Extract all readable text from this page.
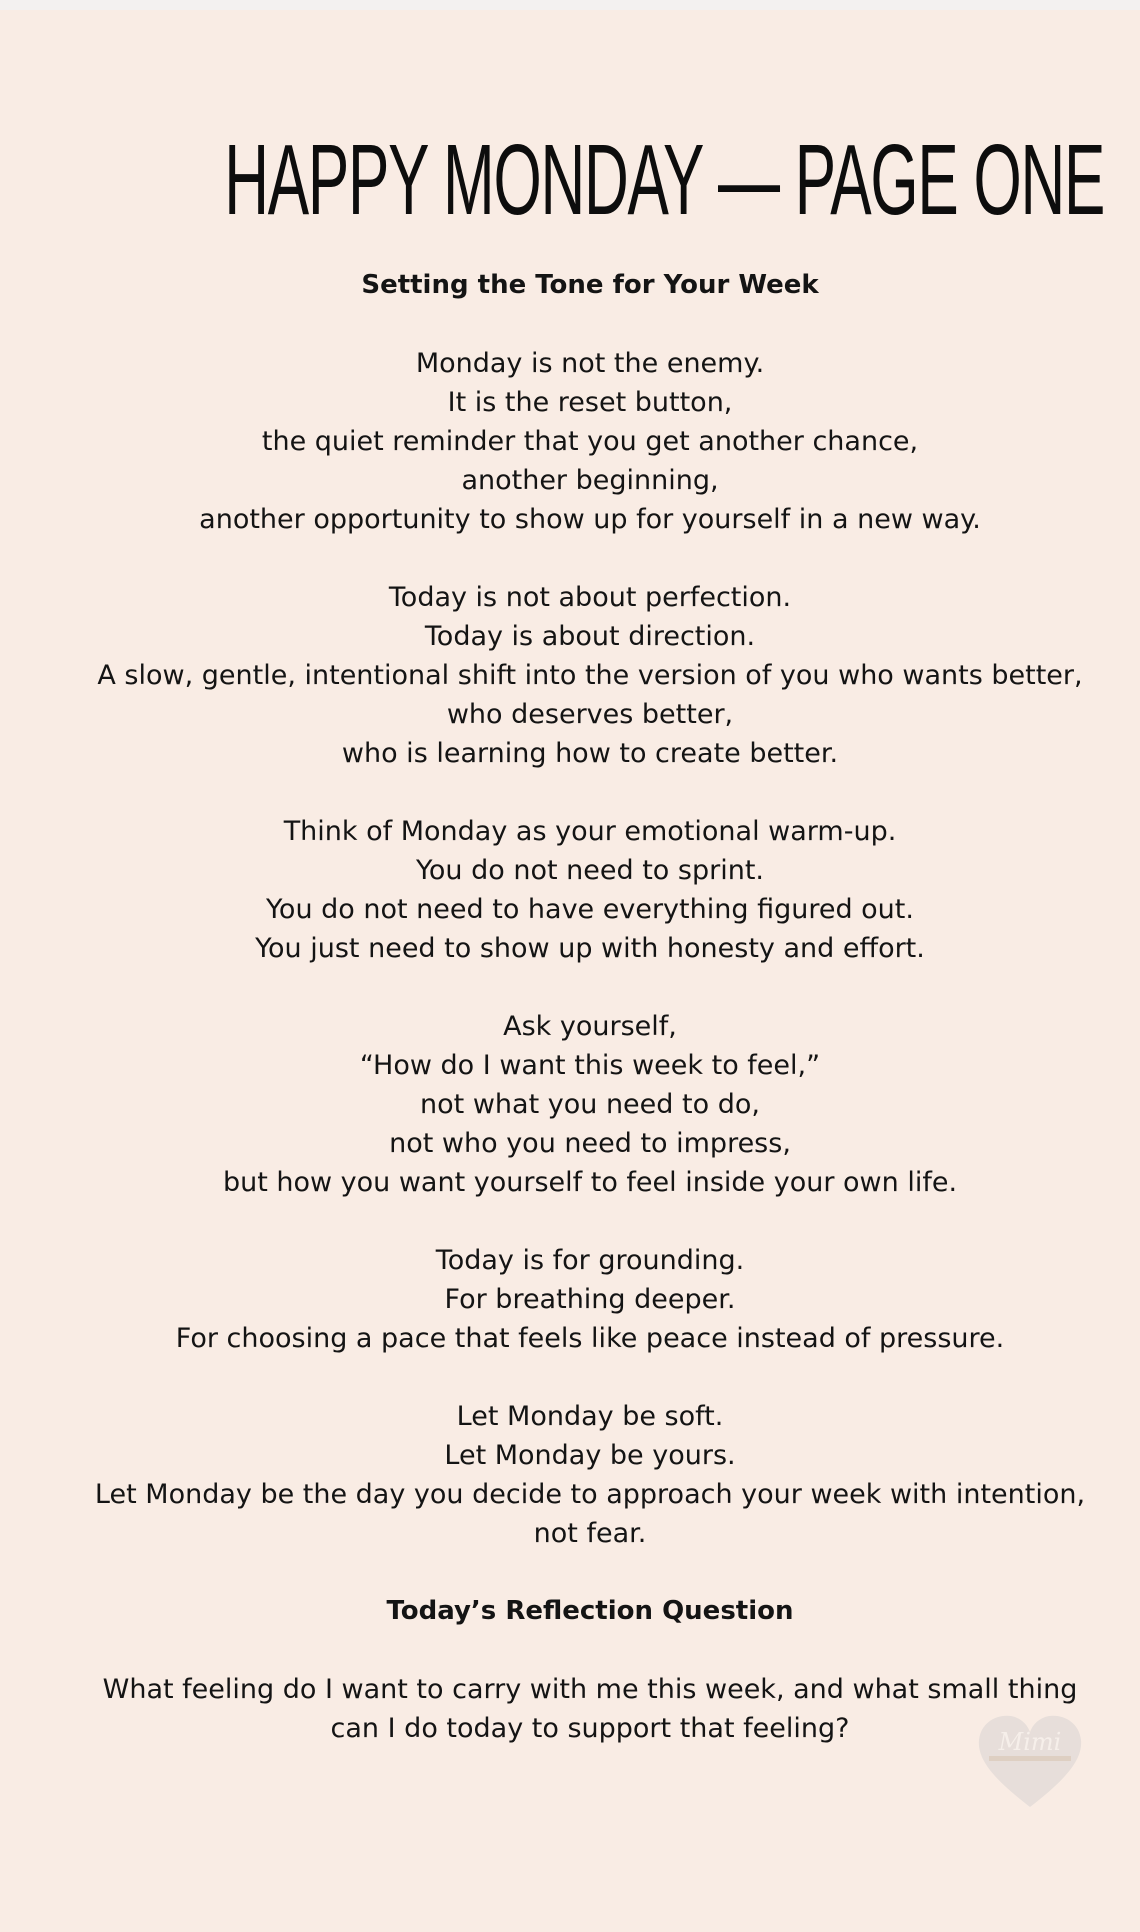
HAPPY MONDAY — PAGE ONE

Setting the Tone for Your Week

Monday is not the enemy.
It is the reset button,
the quiet reminder that you get another chance,
another beginning,
another opportunity to show up for yourself in a new way.

Today is not about perfection.
Today is about direction.
A slow, gentle, intentional shift into the version of you who wants better,
who deserves better,
who is learning how to create better.

Think of Monday as your emotional warm-up.
You do not need to sprint.
You do not need to have everything figured out.
You just need to show up with honesty and effort.

Ask yourself,
“How do I want this week to feel,”
not what you need to do,
not who you need to impress,
but how you want yourself to feel inside your own life.

Today is for grounding.
For breathing deeper.
For choosing a pace that feels like peace instead of pressure.

Let Monday be soft.
Let Monday be yours.
Let Monday be the day you decide to approach your week with intention, not fear.

Today’s Reflection Question

What feeling do I want to carry with me this week, and what small thing can I do today to support that feeling?	Mimi
